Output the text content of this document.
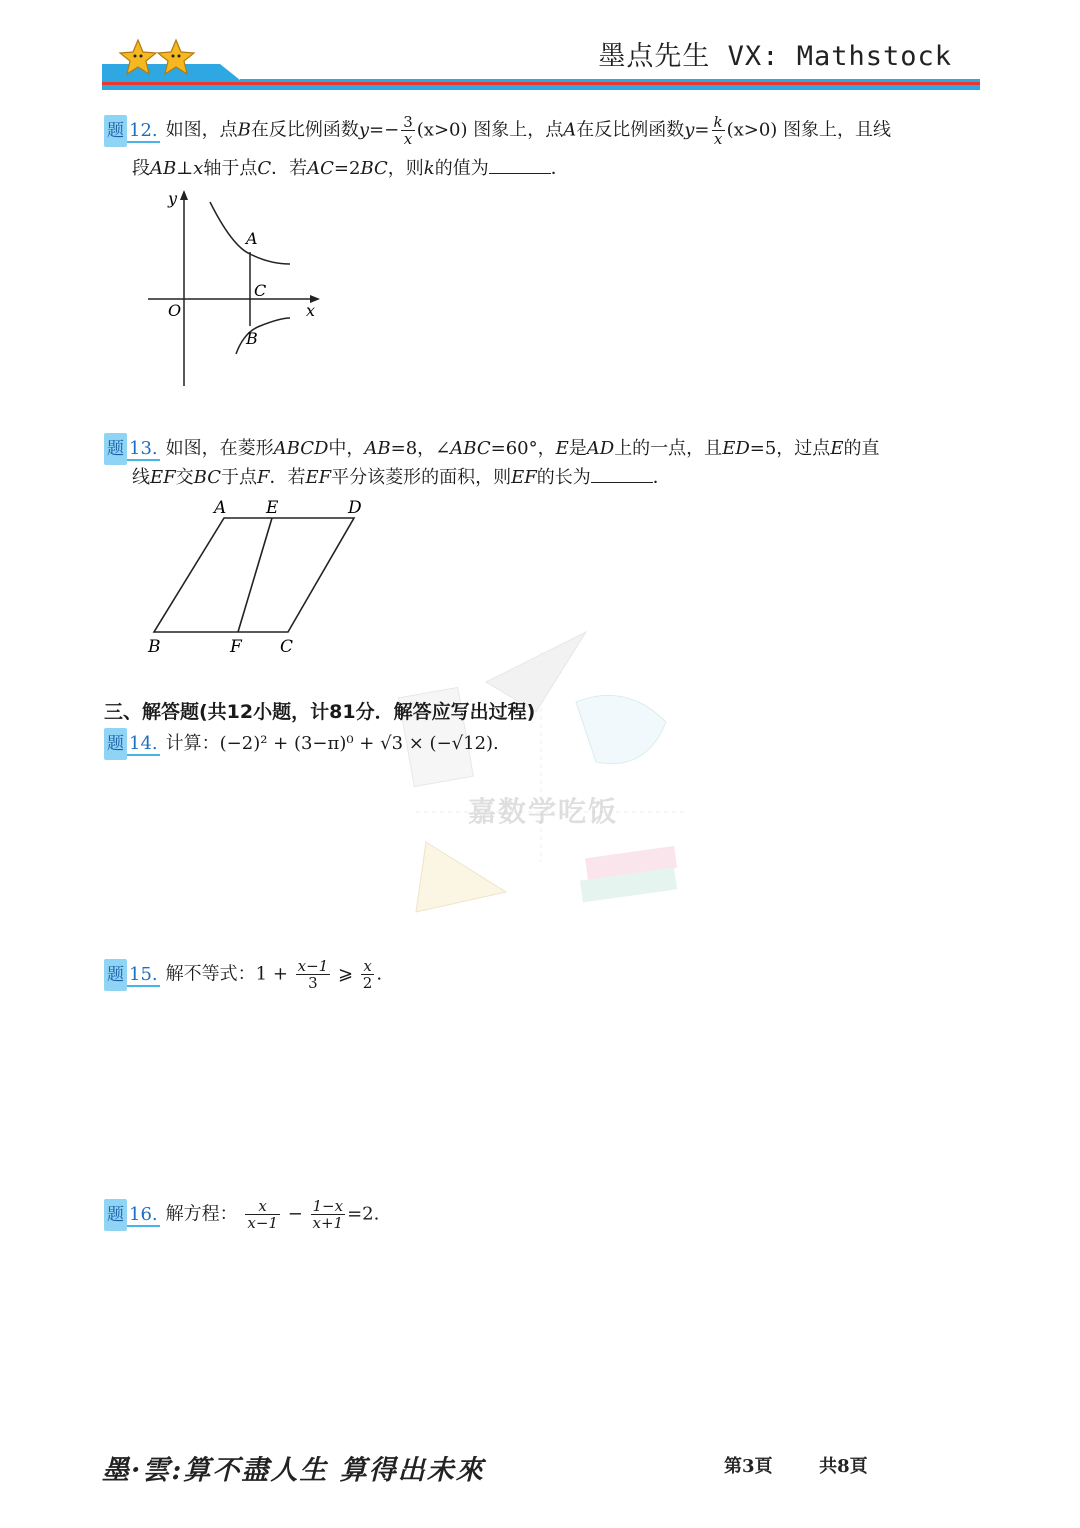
墨点先生 VX: Mathstock
题 12. 如图，点B在反比例函数$y=- \frac{3}{x} (x>0)$ 图象上，点A在反比例函数$y= \frac{k}{x} (x>0)$ 图象上，且线
段AB⊥x轴于点C．若AC=2BC，则k的值为	．
y
x
O
A
C
B
题 13. 如图，在菱形ABCD中，AB=8，∠ABC=60°，E是AD上的一点，且ED=5，过点E的直
线EF交BC于点F．若EF平分该菱形的面积，则EF的长为	．
A E	D
B	F C
嘉数学吃饭
三、解答题(共12小题，计81分．解答应写出过程)
题 14. 计算：(−2)² + (3−π)⁰ + √3 × (−√12).
题 15. 解不等式：$1 + \frac{x-1}{3}$ ⩾ $\frac{x}{2}$ .
题 16. 解方程： $\frac{x}{x-1} - \frac{1-x}{x+1} =2$.
墨·雲:算不盡人生 算得出未來	第3頁	共8頁
